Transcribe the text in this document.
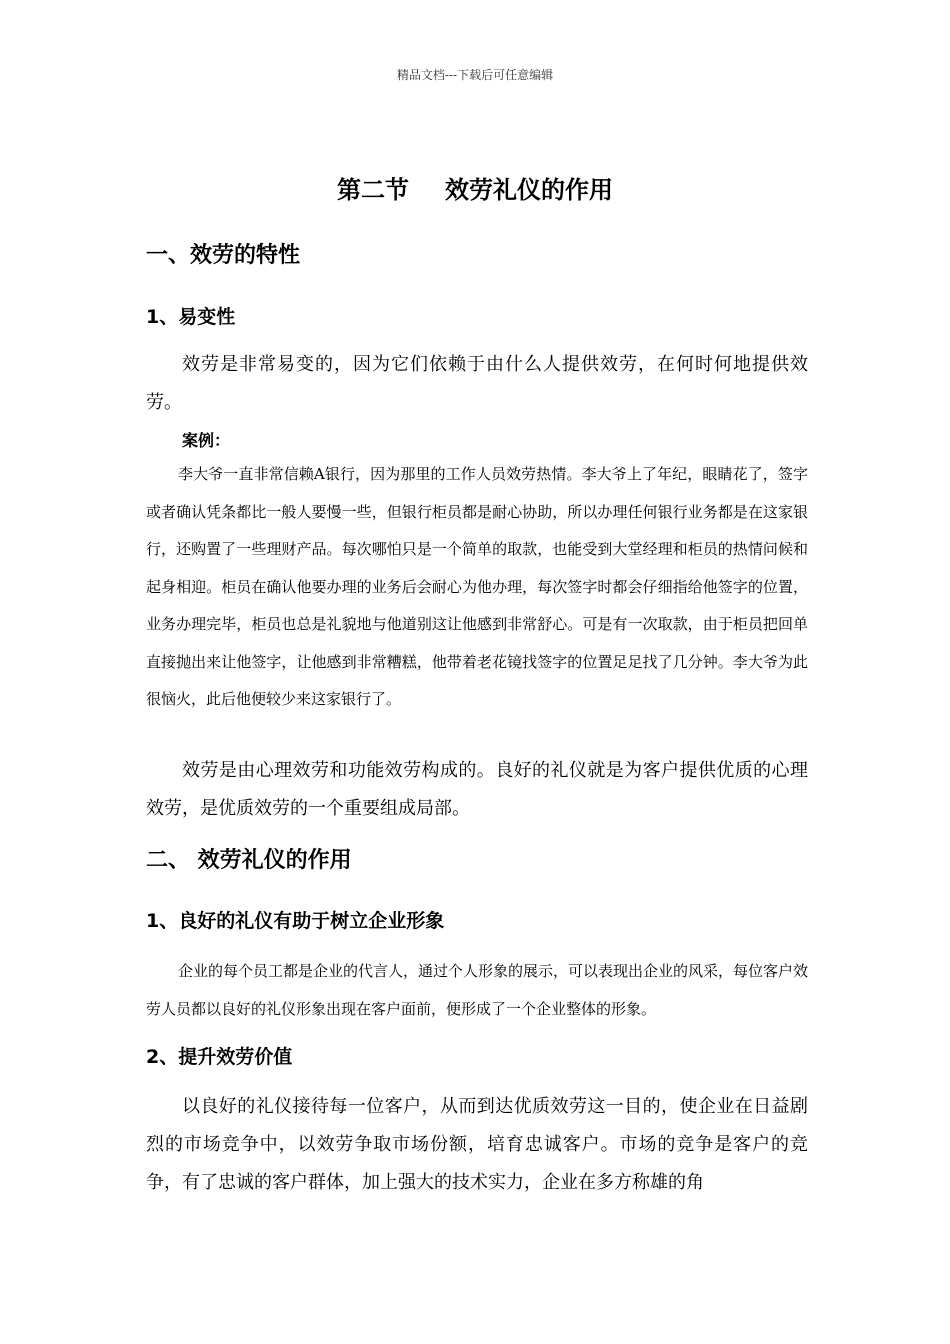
精品文档---下载后可任意编辑
第二节 效劳礼仪的作用
一、效劳的特性
1、易变性
效劳是非常易变的，因为它们依赖于由什么人提供效劳，在何时何地提供效劳。
案例：
李大爷一直非常信赖A银行，因为那里的工作人员效劳热情。李大爷上了年纪，眼睛花了，签字或者确认凭条都比一般人要慢一些，但银行柜员都是耐心协助，所以办理任何银行业务都是在这家银行，还购置了一些理财产品。每次哪怕只是一个简单的取款，也能受到大堂经理和柜员的热情问候和起身相迎。柜员在确认他要办理的业务后会耐心为他办理，每次签字时都会仔细指给他签字的位置，业务办理完毕，柜员也总是礼貌地与他道别这让他感到非常舒心。可是有一次取款，由于柜员把回单直接抛出来让他签字，让他感到非常糟糕，他带着老花镜找签字的位置足足找了几分钟。李大爷为此很恼火，此后他便较少来这家银行了。
效劳是由心理效劳和功能效劳构成的。良好的礼仪就是为客户提供优质的心理效劳，是优质效劳的一个重要组成局部。
二、 效劳礼仪的作用
1、良好的礼仪有助于树立企业形象
企业的每个员工都是企业的代言人，通过个人形象的展示，可以表现出企业的风采，每位客户效劳人员都以良好的礼仪形象出现在客户面前，便形成了一个企业整体的形象。
2、提升效劳价值
以良好的礼仪接待每一位客户，从而到达优质效劳这一目的，使企业在日益剧烈的市场竞争中，以效劳争取市场份额，培育忠诚客户。市场的竞争是客户的竞争，有了忠诚的客户群体，加上强大的技术实力，企业在多方称雄的角
